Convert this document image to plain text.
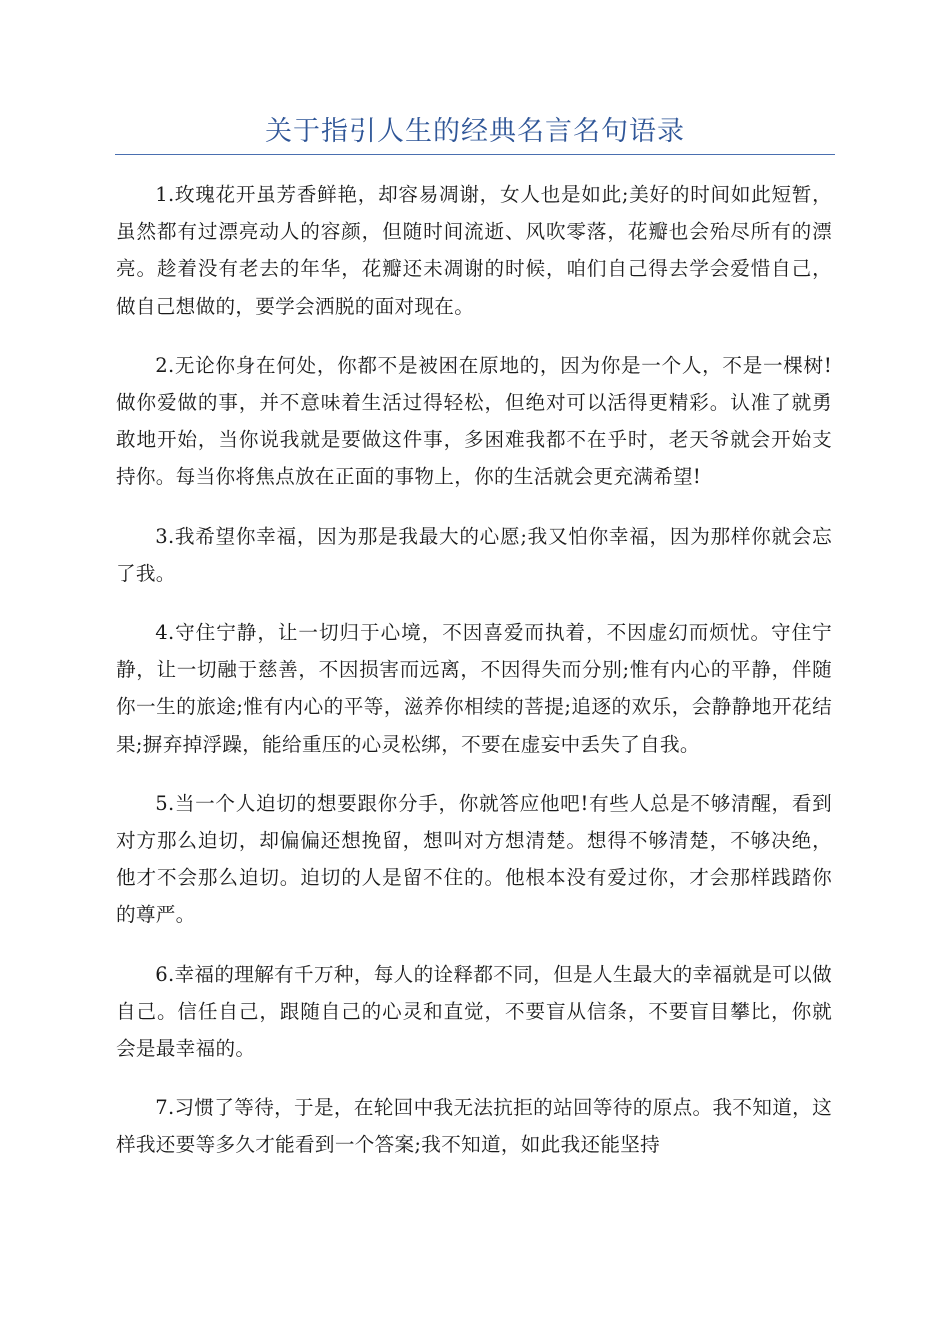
关于指引人生的经典名言名句语录

1.玫瑰花开虽芳香鲜艳，却容易凋谢，女人也是如此;美好的时间如此短暂，虽然都有过漂亮动人的容颜，但随时间流逝、风吹零落，花瓣也会殆尽所有的漂亮。趁着没有老去的年华，花瓣还未凋谢的时候，咱们自己得去学会爱惜自己，做自己想做的，要学会洒脱的面对现在。

2.无论你身在何处，你都不是被困在原地的，因为你是一个人，不是一棵树!做你爱做的事，并不意味着生活过得轻松，但绝对可以活得更精彩。认准了就勇敢地开始，当你说我就是要做这件事，多困难我都不在乎时，老天爷就会开始支持你。每当你将焦点放在正面的事物上，你的生活就会更充满希望!

3.我希望你幸福，因为那是我最大的心愿;我又怕你幸福，因为那样你就会忘了我。

4.守住宁静，让一切归于心境，不因喜爱而执着，不因虚幻而烦忧。守住宁静，让一切融于慈善，不因损害而远离，不因得失而分别;惟有内心的平静，伴随你一生的旅途;惟有内心的平等，滋养你相续的菩提;追逐的欢乐，会静静地开花结果;摒弃掉浮躁，能给重压的心灵松绑，不要在虚妄中丢失了自我。

5.当一个人迫切的想要跟你分手，你就答应他吧!有些人总是不够清醒，看到对方那么迫切，却偏偏还想挽留，想叫对方想清楚。想得不够清楚，不够决绝，他才不会那么迫切。迫切的人是留不住的。他根本没有爱过你，才会那样践踏你的尊严。

6.幸福的理解有千万种，每人的诠释都不同，但是人生最大的幸福就是可以做自己。信任自己，跟随自己的心灵和直觉，不要盲从信条，不要盲目攀比，你就会是最幸福的。

7.习惯了等待，于是，在轮回中我无法抗拒的站回等待的原点。我不知道，这样我还要等多久才能看到一个答案;我不知道，如此我还能坚持
